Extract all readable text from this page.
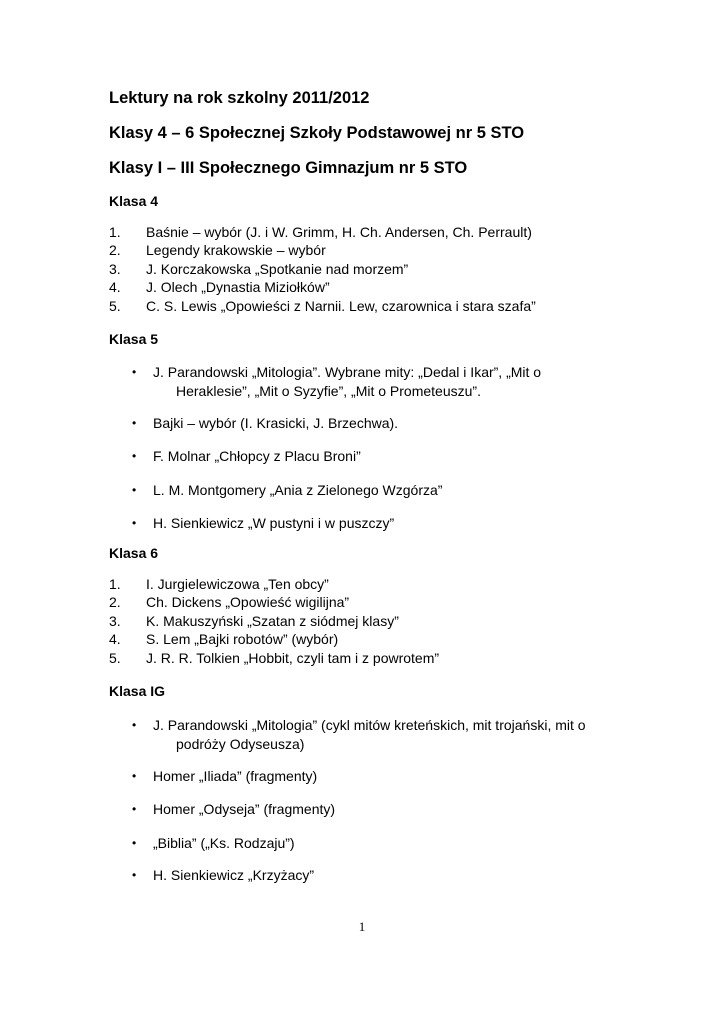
Lektury na rok szkolny 2011/2012
Klasy 4 – 6 Społecznej Szkoły Podstawowej nr 5 STO
Klasy I – III Społecznego Gimnazjum nr 5 STO
Klasa 4
1. Baśnie – wybór (J. i W. Grimm, H. Ch. Andersen, Ch. Perrault)
2. Legendy krakowskie – wybór
3. J. Korczakowska „Spotkanie nad morzem”
4. J. Olech „Dynastia Miziołków”
5. C. S. Lewis „Opowieści z Narnii. Lew, czarownica i stara szafa”
Klasa 5
• J. Parandowski „Mitologia”. Wybrane mity: „Dedal i Ikar”, „Mit o
Heraklesie”, „Mit o Syzyfie”, „Mit o Prometeuszu”.
• Bajki – wybór (I. Krasicki, J. Brzechwa).
• F. Molnar „Chłopcy z Placu Broni”
• L. M. Montgomery „Ania z Zielonego Wzgórza”
• H. Sienkiewicz „W pustyni i w puszczy”
Klasa 6
1. I. Jurgielewiczowa „Ten obcy”
2. Ch. Dickens „Opowieść wigilijna”
3. K. Makuszyński „Szatan z siódmej klasy”
4. S. Lem „Bajki robotów” (wybór)
5. J. R. R. Tolkien „Hobbit, czyli tam i z powrotem”
Klasa IG
• J. Parandowski „Mitologia” (cykl mitów kreteńskich, mit trojański, mit o
podróży Odyseusza)
• Homer „Iliada” (fragmenty)
• Homer „Odyseja” (fragmenty)
• „Biblia” („Ks. Rodzaju”)
• H. Sienkiewicz „Krzyżacy”
1
